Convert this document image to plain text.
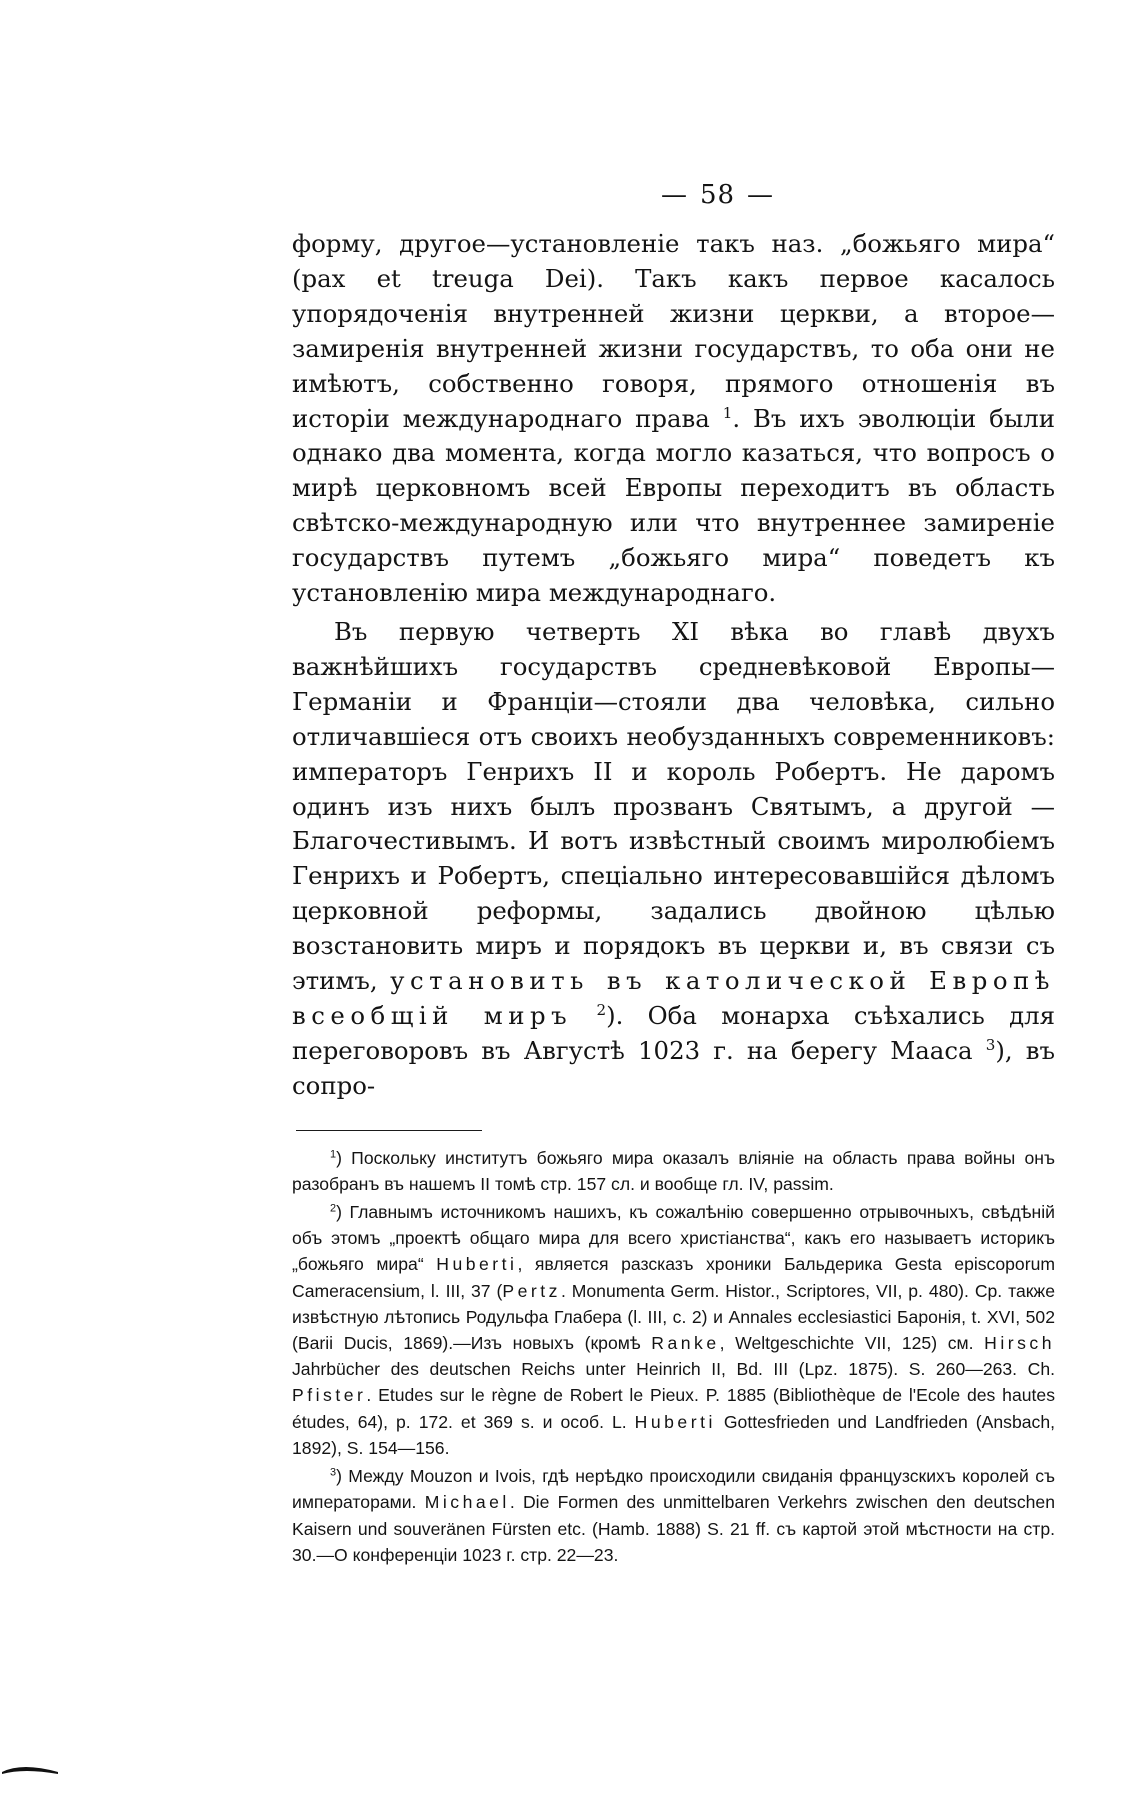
— 58 —

форму, другое—установленіе такъ наз. „божьяго мира“ (pax et treuga Dei). Такъ какъ первое касалось упорядоченія внутренней жизни церкви, а второе—замиренія внутренней жизни государствъ, то оба они не имѣютъ, собственно говоря, прямого отношенія въ исторіи международнаго права $^1$. Въ ихъ эволюціи были однако два момента, когда могло казаться, что вопросъ о мирѣ церковномъ всей Европы переходитъ въ область свѣтско-международную или что внутреннее замиреніе государствъ путемъ „божьяго мира“ поведетъ къ установленію мира международнаго.

Въ первую четверть XI вѣка во главѣ двухъ важнѣйшихъ государствъ средневѣковой Европы—Германіи и Франціи—стояли два человѣка, сильно отличавшіеся отъ своихъ необузданныхъ современниковъ: императоръ Генрихъ II и король Робертъ. Не даромъ одинъ изъ нихъ былъ прозванъ Святымъ, а другой — Благочестивымъ. И вотъ извѣстный своимъ миролюбіемъ Генрихъ и Робертъ, спеціально интересовавшійся дѣломъ церковной реформы, задались двойною цѣлью возстановить миръ и порядокъ въ церкви и, въ связи съ этимъ, установить въ католической Европѣ всеобщій миръ $^2$). Оба монарха съѣхались для переговоровъ въ Августѣ 1023 г. на берегу Мааса $^3$), въ сопро-

$^1$) Поскольку институтъ божьяго мира оказалъ вліяніе на область права войны онъ разобранъ въ нашемъ II томѣ стр. 157 сл. и вообще гл. IV, passim.

$^2$) Главнымъ источникомъ нашихъ, къ сожалѣнію совершенно отрывочныхъ, свѣдѣній объ этомъ „проектѣ общаго мира для всего христіанства“, какъ его называетъ историкъ „божьяго мира“ Huberti, является разсказъ хроники Бальдерика Gesta episcoporum Cameracensium, l. III, 37 (Pertz. Monumenta Germ. Histor., Scriptores, VII, p. 480). Ср. также извѣстную лѣтопись Родульфа Глабера (l. III, c. 2) и Annales ecclesiastici Баронія, t. XVI, 502 (Barii Ducis, 1869).—Изъ новыхъ (кромѣ Ranke, Weltgeschichte VII, 125) см. Hirsch Jahrbücher des deutschen Reichs unter Heinrich II, Bd. III (Lpz. 1875). S. 260—263. Ch. Pfister. Etudes sur le règne de Robert le Pieux. P. 1885 (Bibliothèque de l'Ecole des hautes études, 64), p. 172. et 369 s. и особ. L. Huberti Gottesfrieden und Landfrieden (Ansbach, 1892), S. 154—156.

$^3$) Между Mouzon и Ivois, гдѣ нерѣдко происходили свиданія французскихъ королей съ императорами. Michael. Die Formen des unmittelbaren Verkehrs zwischen den deutschen Kaisern und souveränen Fürsten etc. (Hamb. 1888) S. 21 ff. съ картой этой мѣстности на стр. 30.—О конференціи 1023 г. стр. 22—23.
